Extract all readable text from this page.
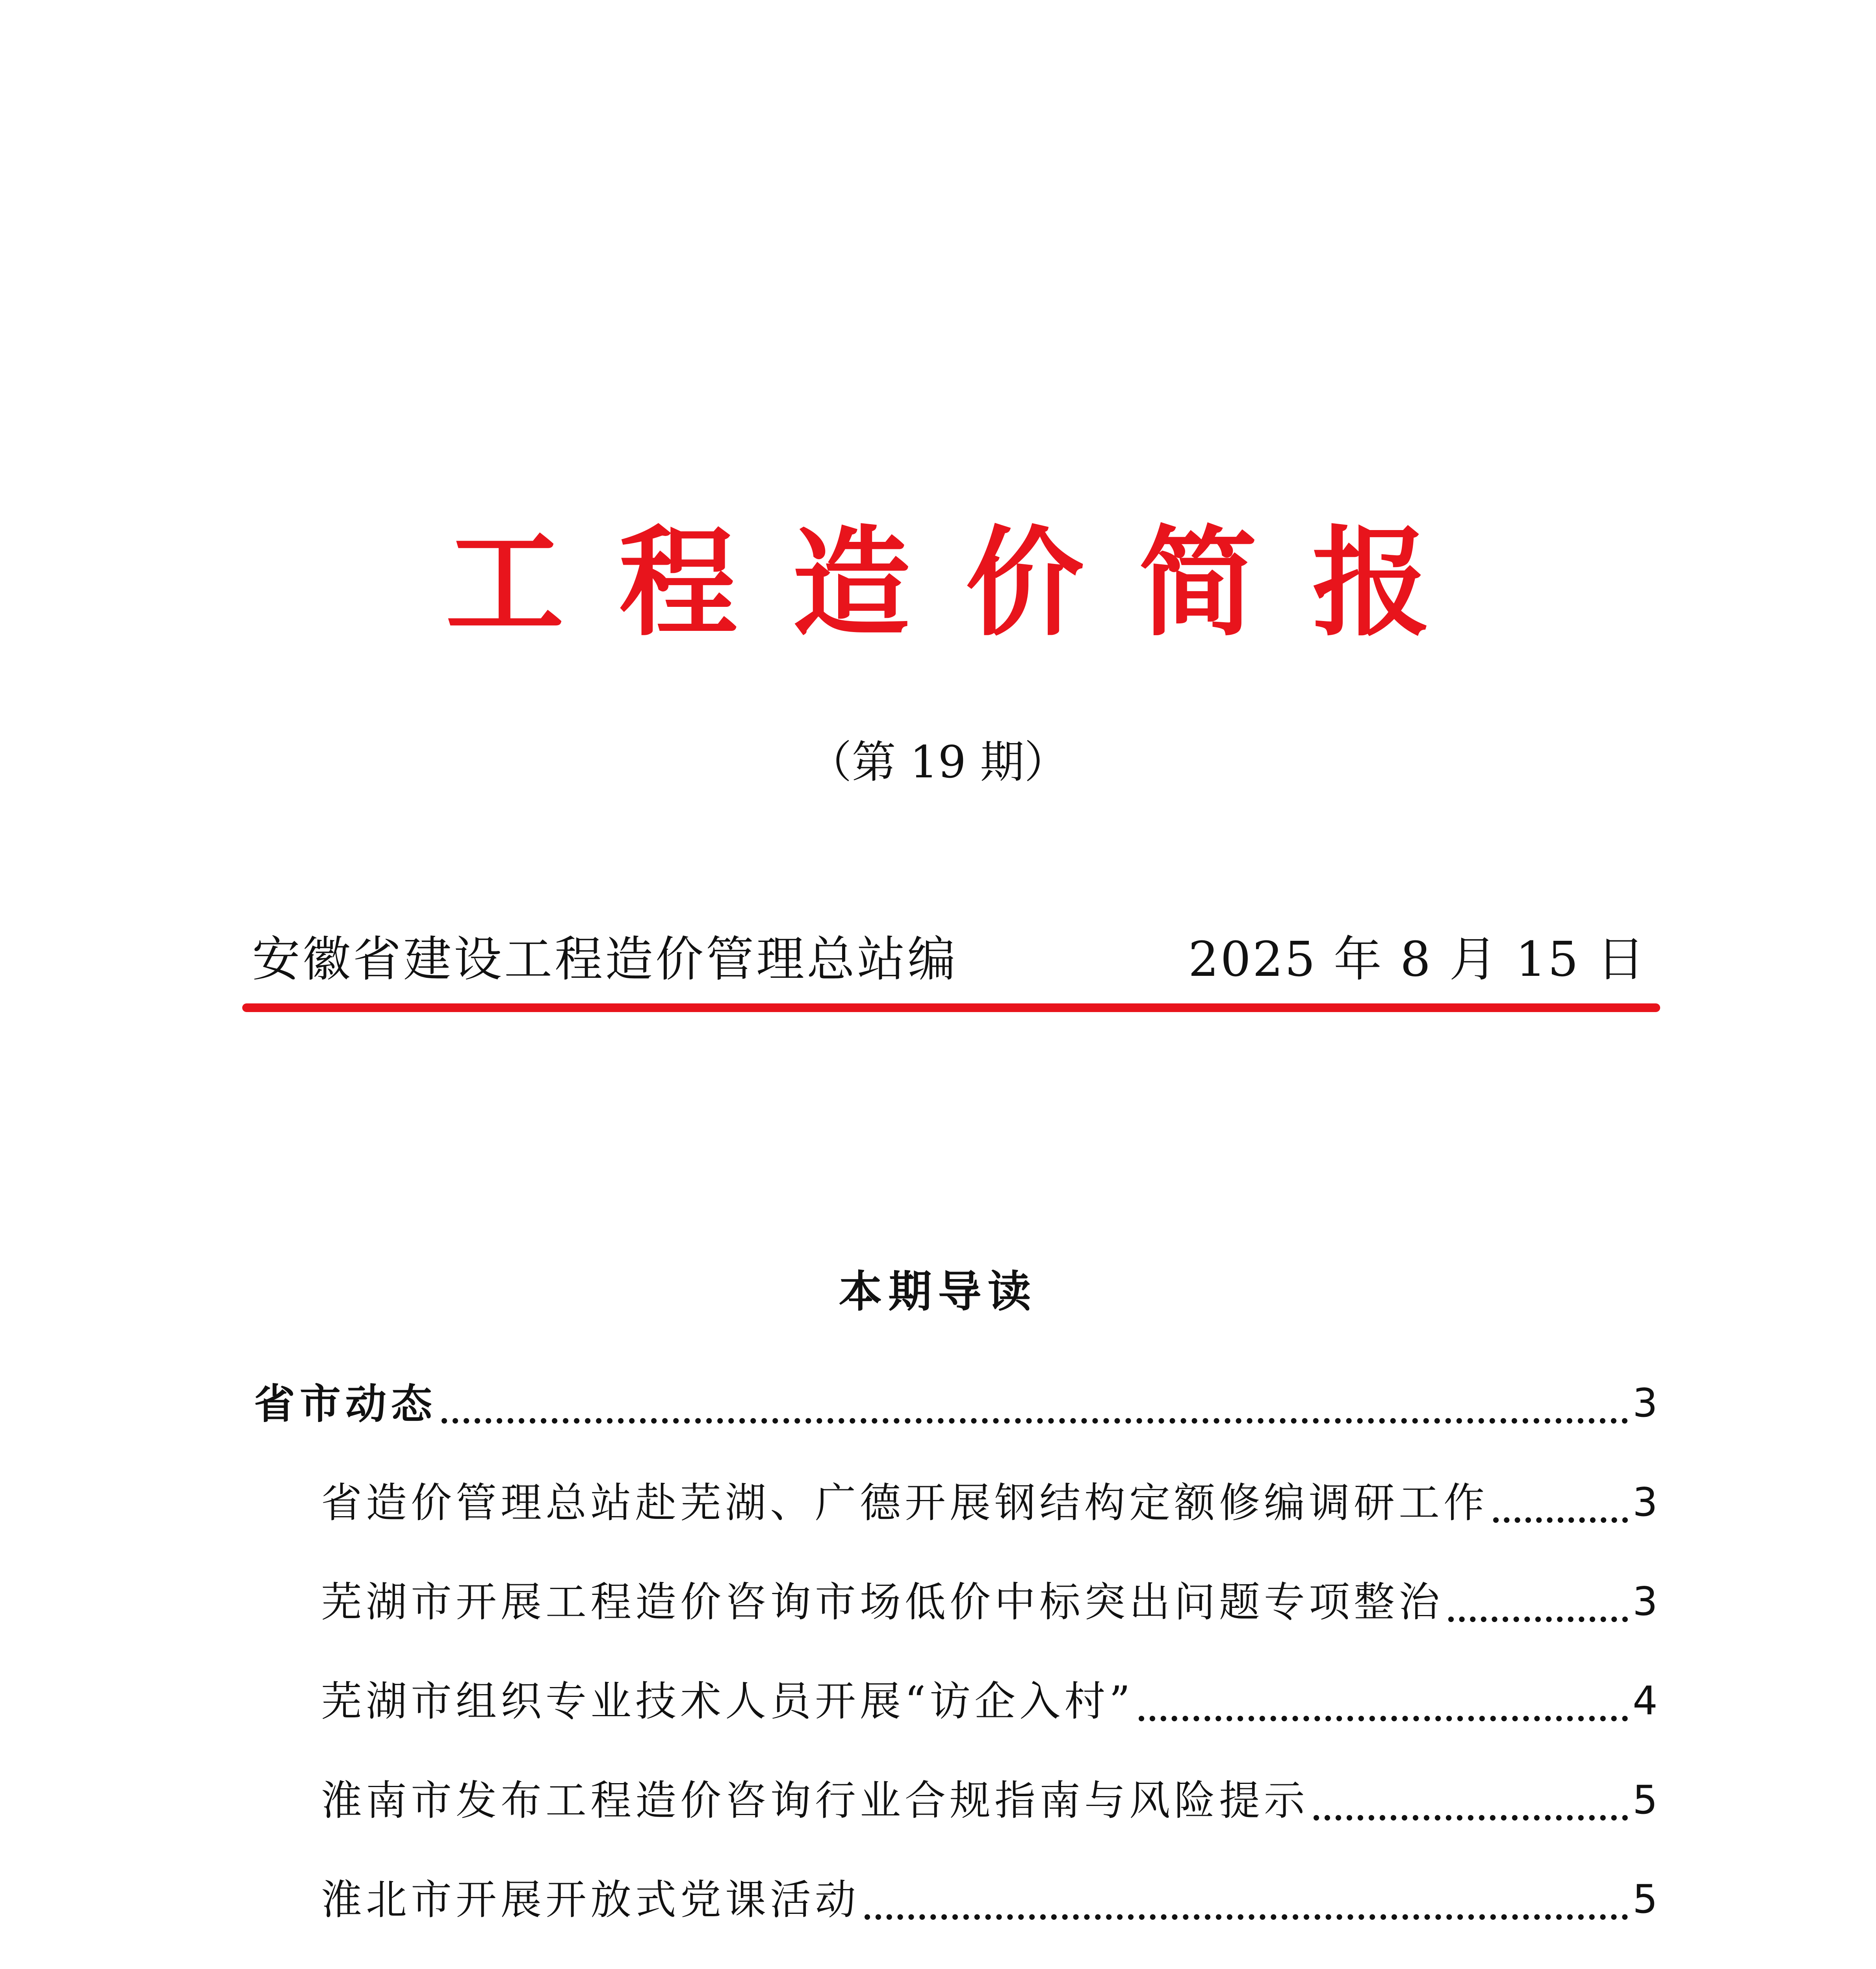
工程造价简报
（第 19 期）
安徽省建设工程造价管理总站编	2025 年 8 月 15 日
本期导读
省市动态	3
省造价管理总站赴芜湖、广德开展钢结构定额修编调研工作	3
芜湖市开展工程造价咨询市场低价中标突出问题专项整治	3
芜湖市组织专业技术人员开展“访企入村”	4
淮南市发布工程造价咨询行业合规指南与风险提示	5
淮北市开展开放式党课活动	5
